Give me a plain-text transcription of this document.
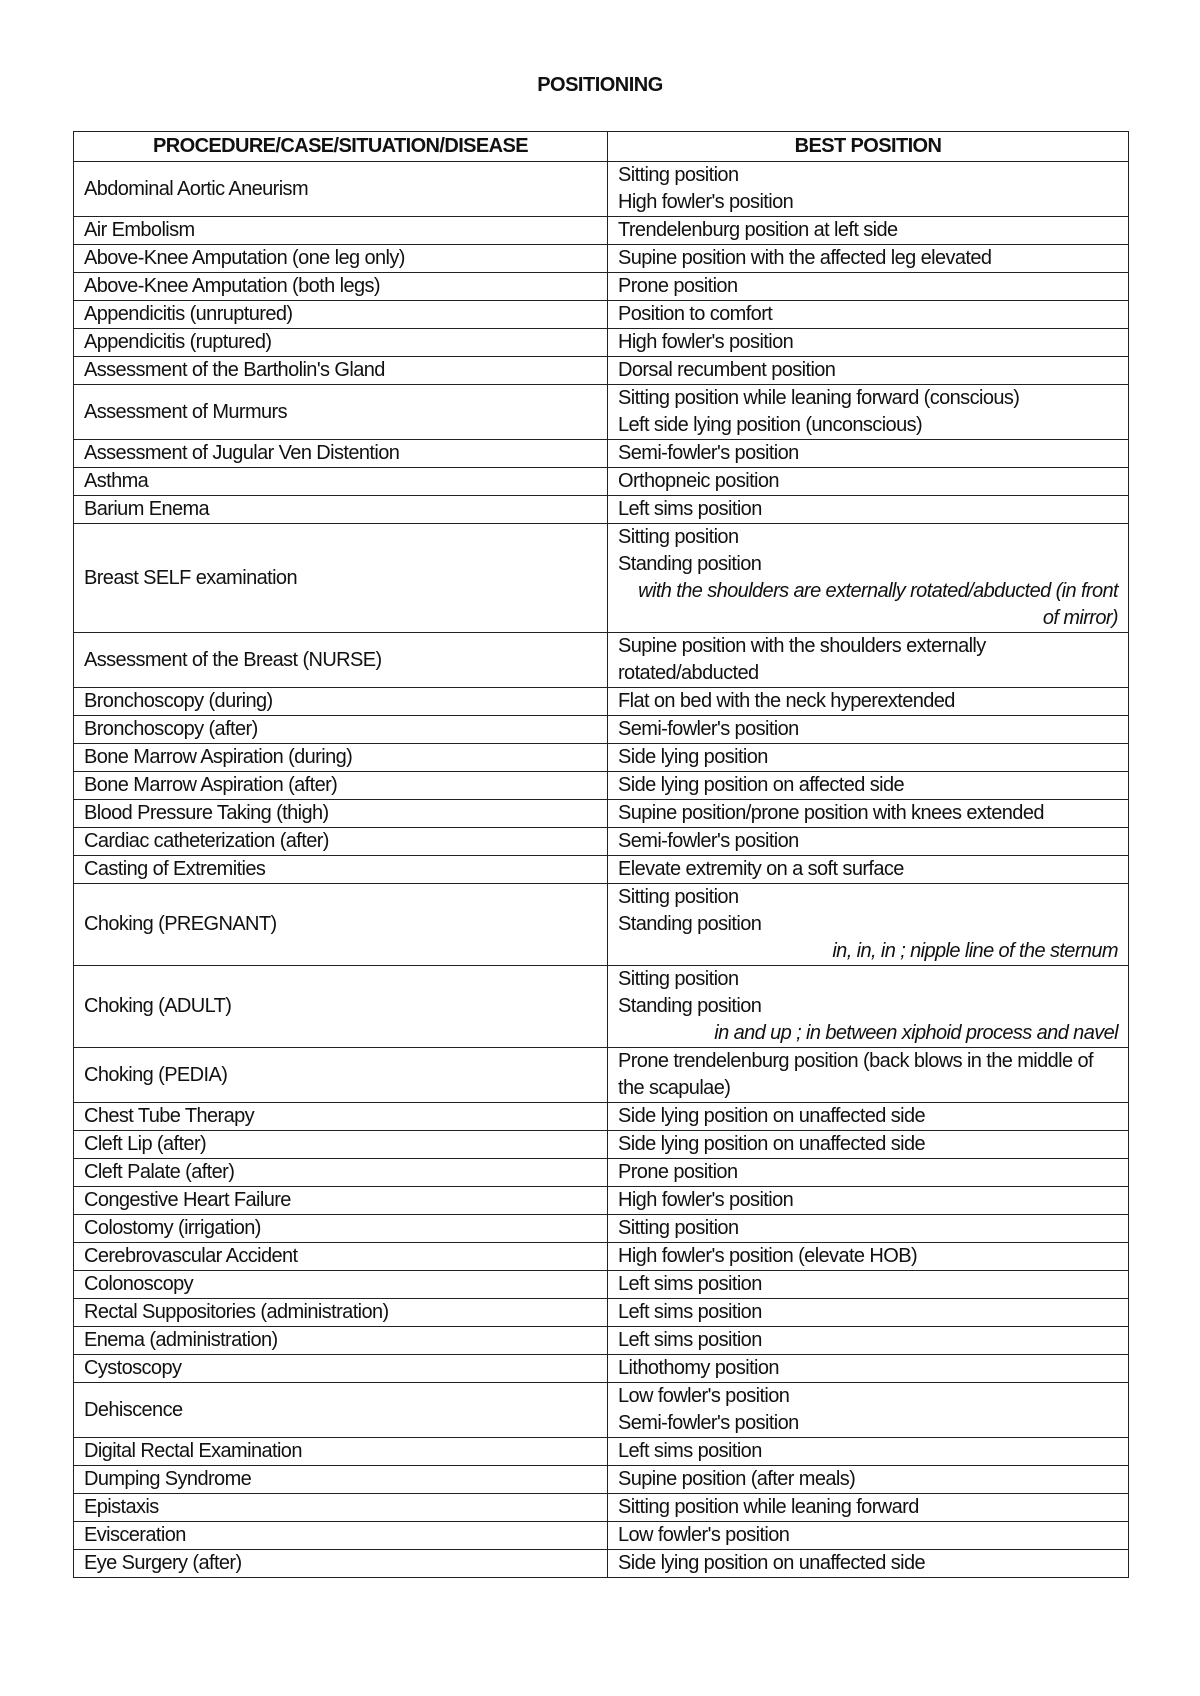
POSITIONING
PROCEDURE/CASE/SITUATION/DISEASE	BEST POSITION
Abdominal Aortic Aneurism	Sitting position
High fowler's position

Air Embolism	Trendelenburg position at left side

Above-Knee Amputation (one leg only)	Supine position with the affected leg elevated

Above-Knee Amputation (both legs)	Prone position

Appendicitis (unruptured)	Position to comfort

Appendicitis (ruptured)	High fowler's position

Assessment of the Bartholin's Gland	Dorsal recumbent position

Assessment of Murmurs	Sitting position while leaning forward (conscious)
Left side lying position (unconscious)

Assessment of Jugular Ven Distention	Semi-fowler's position

Asthma	Orthopneic position

Barium Enema	Left sims position

Breast SELF examination	Sitting position
Standing position
with the shoulders are externally rotated/abducted (in front of mirror)

Assessment of the Breast (NURSE)	Supine position with the shoulders externally rotated/abducted

Bronchoscopy (during)	Flat on bed with the neck hyperextended

Bronchoscopy (after)	Semi-fowler's position

Bone Marrow Aspiration (during)	Side lying position

Bone Marrow Aspiration (after)	Side lying position on affected side

Blood Pressure Taking (thigh)	Supine position/prone position with knees extended

Cardiac catheterization (after)	Semi-fowler's position

Casting of Extremities	Elevate extremity on a soft surface

Choking (PREGNANT)	Sitting position
Standing position
in, in, in ; nipple line of the sternum

Choking (ADULT)	Sitting position
Standing position
in and up ; in between xiphoid process and navel

Choking (PEDIA)	Prone trendelenburg position (back blows in the middle of the scapulae)

Chest Tube Therapy	Side lying position on unaffected side

Cleft Lip (after)	Side lying position on unaffected side

Cleft Palate (after)	Prone position

Congestive Heart Failure	High fowler's position

Colostomy (irrigation)	Sitting position

Cerebrovascular Accident	High fowler's position (elevate HOB)

Colonoscopy	Left sims position

Rectal Suppositories (administration)	Left sims position

Enema (administration)	Left sims position

Cystoscopy	Lithothomy position

Dehiscence	Low fowler's position
Semi-fowler's position

Digital Rectal Examination	Left sims position

Dumping Syndrome	Supine position (after meals)

Epistaxis	Sitting position while leaning forward

Evisceration	Low fowler's position

Eye Surgery (after)	Side lying position on unaffected side
